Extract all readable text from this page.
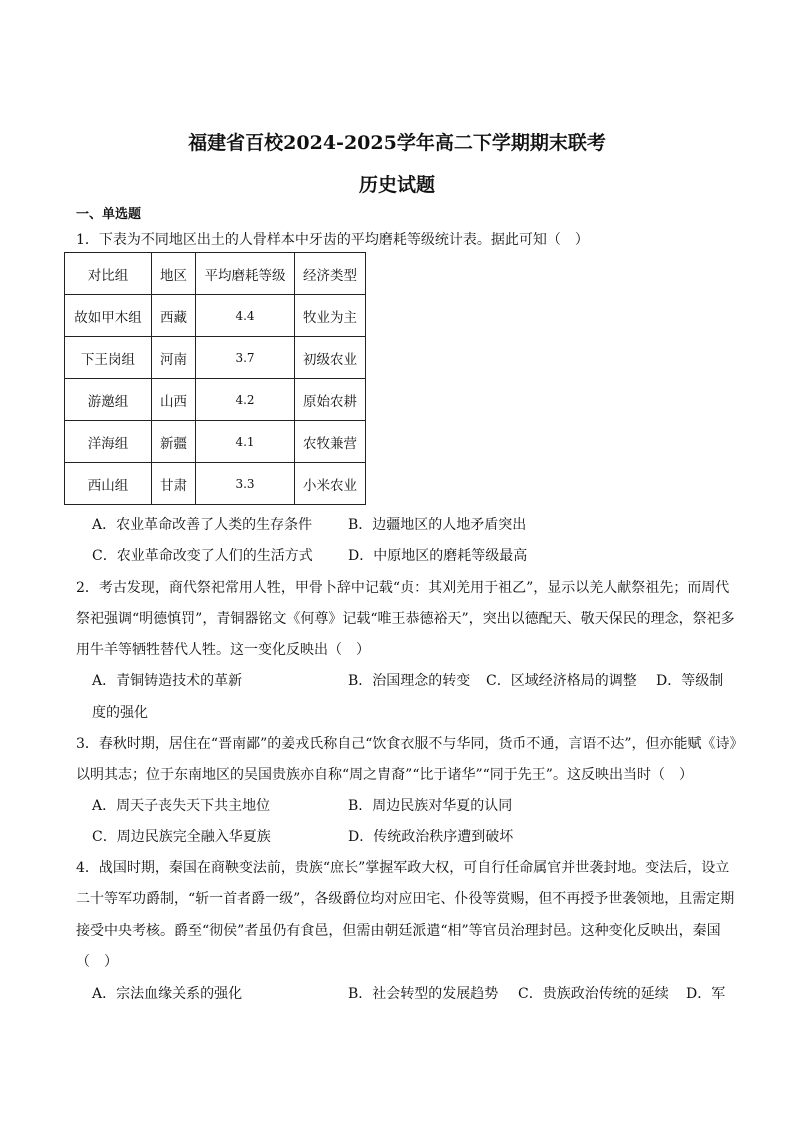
福建省百校2024-2025学年高二下学期期末联考
历史试题
一、单选题
1．下表为不同地区出土的人骨样本中牙齿的平均磨耗等级统计表。据此可知（　）
对比组	地区	平均磨耗等级	经济类型
故如甲木组	西藏	4.4	牧业为主
下王岗组	河南	3.7	初级农业
游邀组	山西	4.2	原始农耕
洋海组	新疆	4.1	农牧兼营
西山组	甘肃	3.3	小米农业
A．农业革命改善了人类的生存条件	B．边疆地区的人地矛盾突出
C．农业革命改变了人们的生活方式	D．中原地区的磨耗等级最高
2．考古发现，商代祭祀常用人牲，甲骨卜辞中记载“贞：其刈羌用于祖乙”，显示以羌人献祭祖先；而周代
祭祀强调“明德慎罚”，青铜器铭文《何尊》记载“唯王恭德裕天”，突出以德配天、敬天保民的理念，祭祀多
用牛羊等牺牲替代人牲。这一变化反映出（　）
A．青铜铸造技术的革新	B．治国理念的转变 C．区域经济格局的调整 D．等级制
度的强化
3．春秋时期，居住在“晋南鄙”的姜戎氏称自己“饮食衣服不与华同，货币不通，言语不达”，但亦能赋《诗》
以明其志；位于东南地区的吴国贵族亦自称“周之胄裔”“比于诸华”“同于先王”。这反映出当时（　）
A．周天子丧失天下共主地位	B．周边民族对华夏的认同
C．周边民族完全融入华夏族	D．传统政治秩序遭到破坏
4．战国时期，秦国在商鞅变法前，贵族“庶长”掌握军政大权，可自行任命属官并世袭封地。变法后，设立
二十等军功爵制，“斩一首者爵一级”，各级爵位均对应田宅、仆役等赏赐，但不再授予世袭领地，且需定期
接受中央考核。爵至“彻侯”者虽仍有食邑，但需由朝廷派遣“相”等官员治理封邑。这种变化反映出，秦国
（　）
A．宗法血缘关系的强化	B．社会转型的发展趋势 C．贵族政治传统的延续 D．军
